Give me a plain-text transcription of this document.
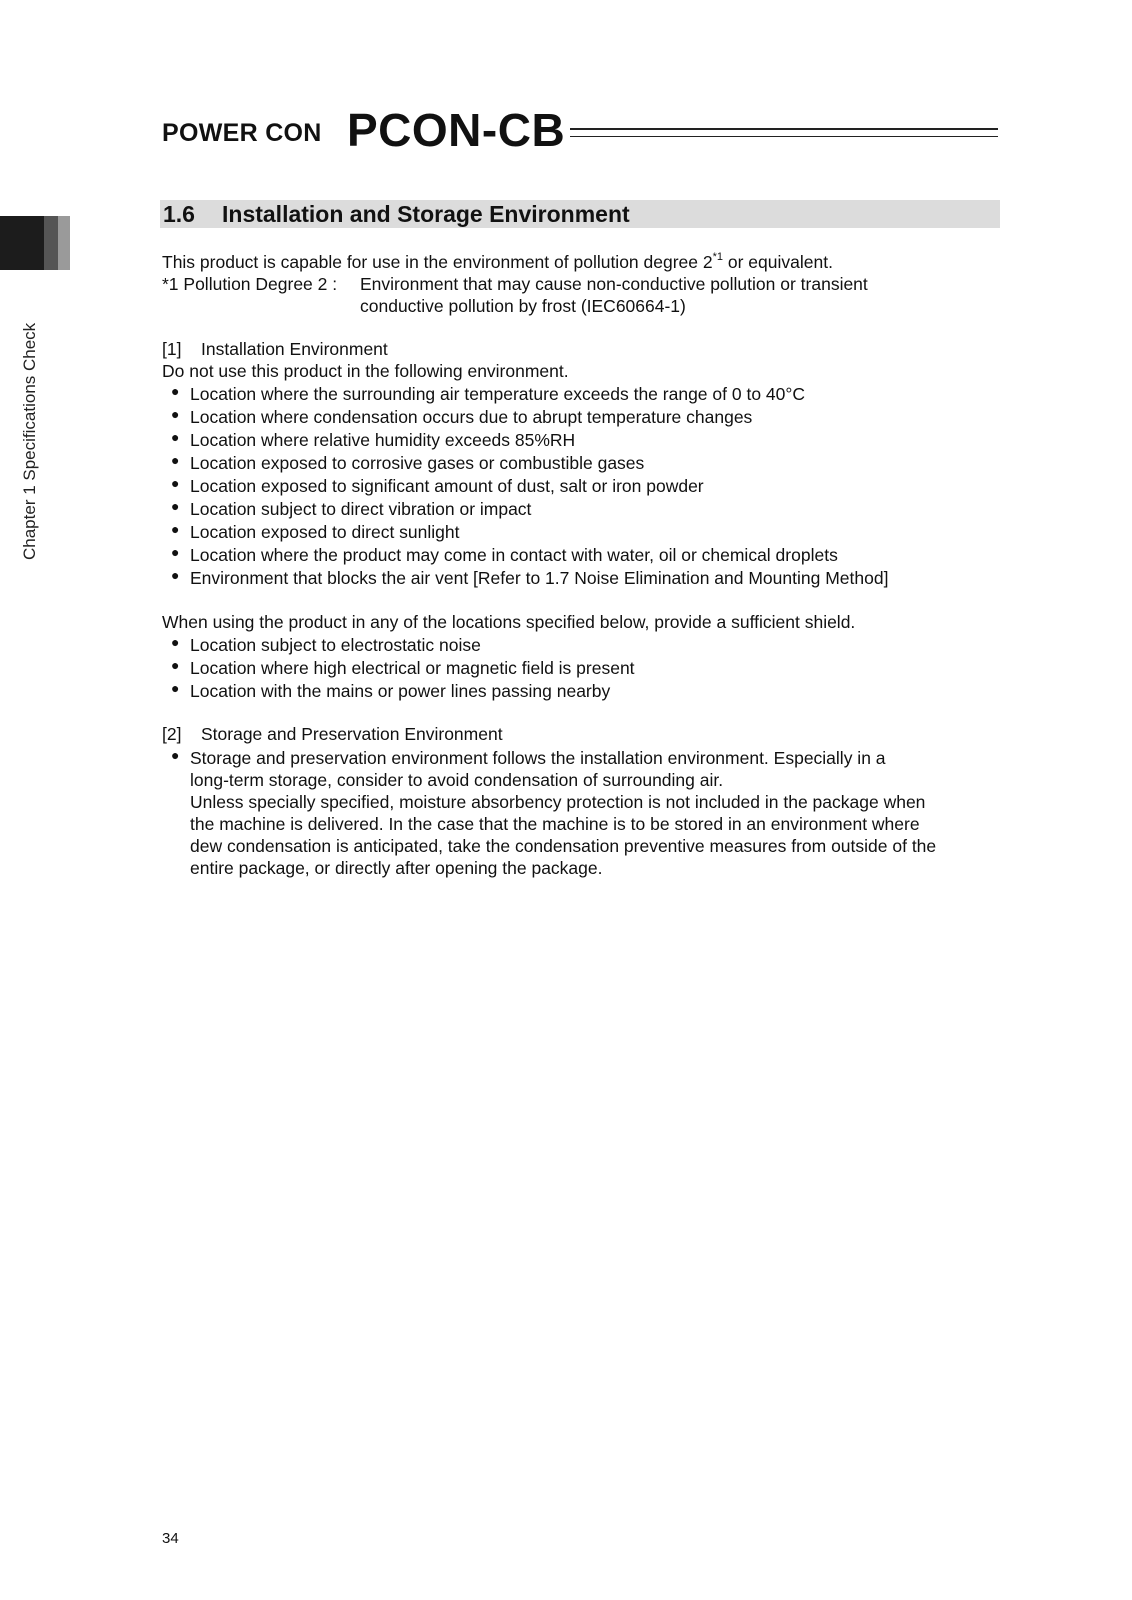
POWER CON PCON-CB
Chapter 1 Specifications Check
1.6 Installation and Storage Environment
This product is capable for use in the environment of pollution degree 2$^{*1}$ or equivalent.
*1 Pollution Degree 2 : Environment that may cause non-conductive pollution or transient
conductive pollution by frost (IEC60664-1)
[1] Installation Environment
Do not use this product in the following environment.
● Location where the surrounding air temperature exceeds the range of 0 to 40°C
● Location where condensation occurs due to abrupt temperature changes
● Location where relative humidity exceeds 85%RH
● Location exposed to corrosive gases or combustible gases
● Location exposed to significant amount of dust, salt or iron powder
● Location subject to direct vibration or impact
● Location exposed to direct sunlight
● Location where the product may come in contact with water, oil or chemical droplets
● Environment that blocks the air vent [Refer to 1.7 Noise Elimination and Mounting Method]
When using the product in any of the locations specified below, provide a sufficient shield.
● Location subject to electrostatic noise
● Location where high electrical or magnetic field is present
● Location with the mains or power lines passing nearby
[2] Storage and Preservation Environment
● Storage and preservation environment follows the installation environment. Especially in a
long-term storage, consider to avoid condensation of surrounding air.
Unless specially specified, moisture absorbency protection is not included in the package when
the machine is delivered. In the case that the machine is to be stored in an environment where
dew condensation is anticipated, take the condensation preventive measures from outside of the
entire package, or directly after opening the package.
34
